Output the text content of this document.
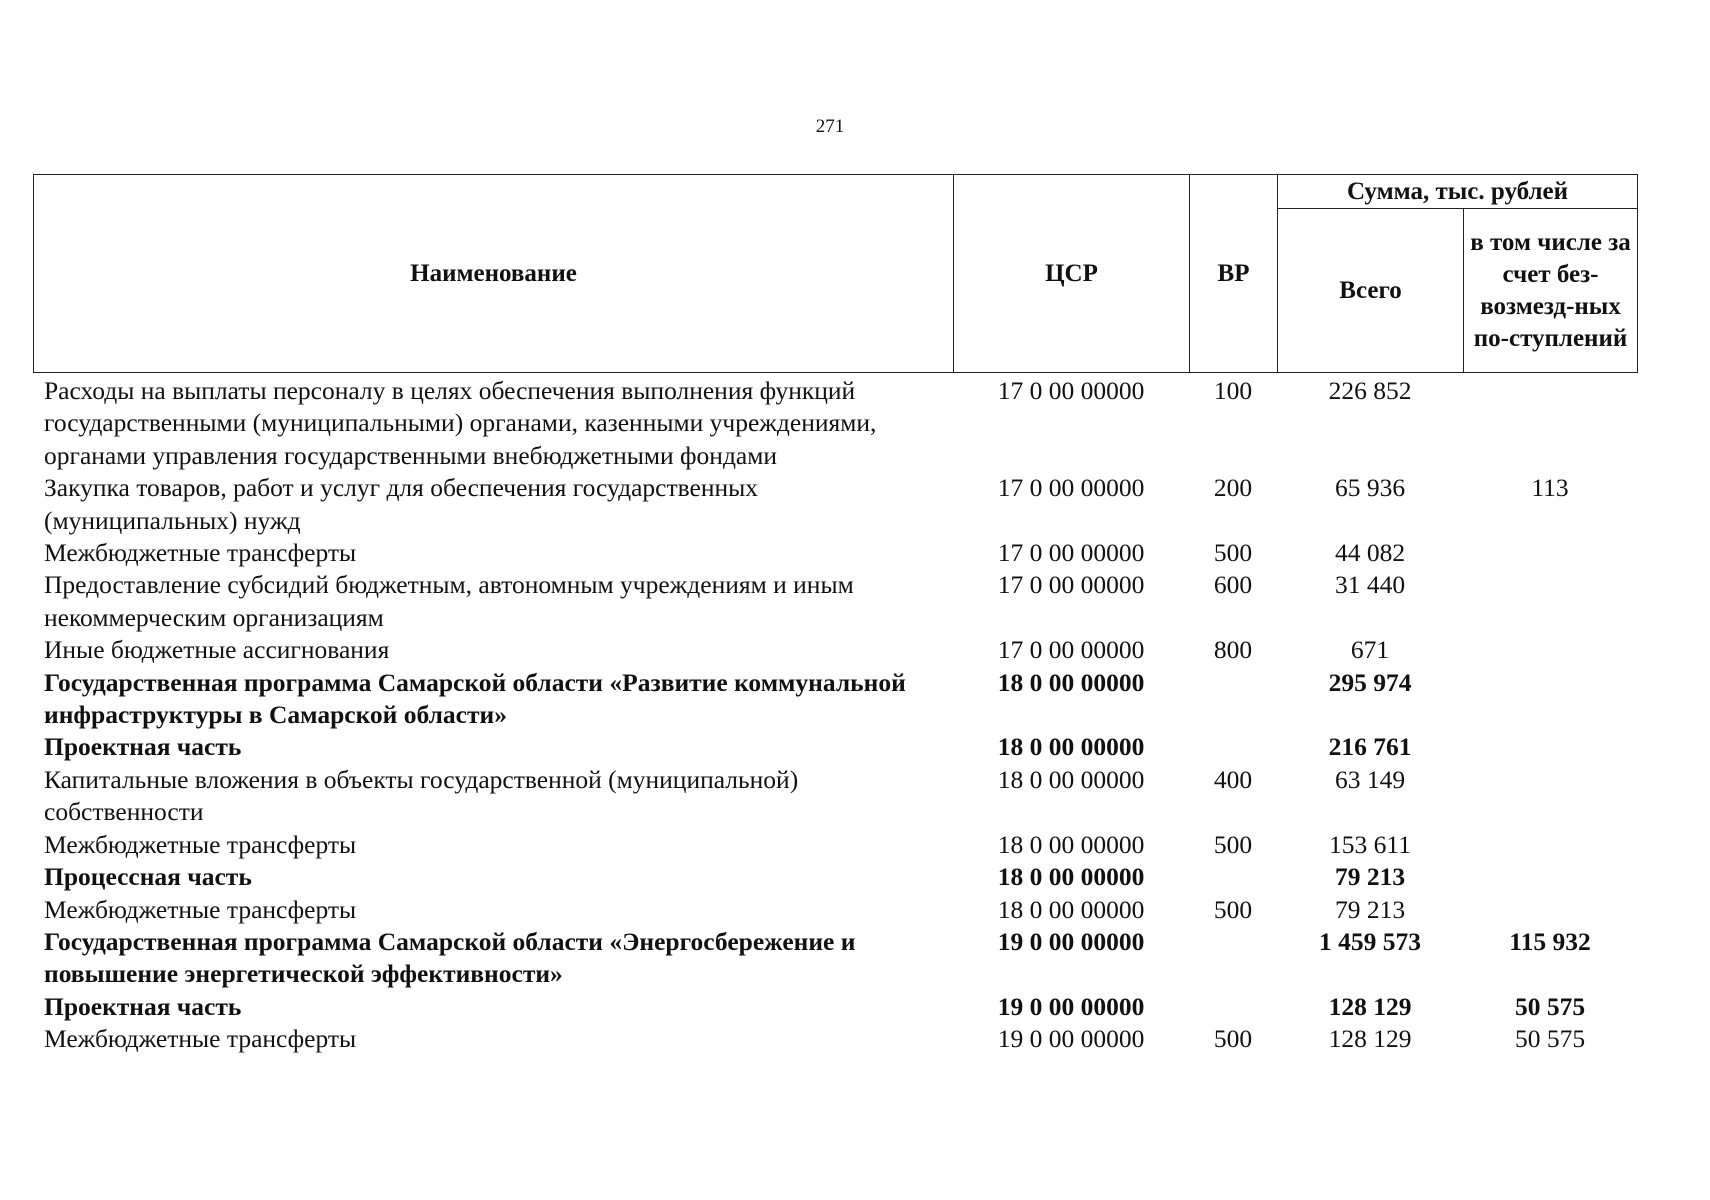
271
Наименование	ЦСР	ВР	Сумма, тыс. рублей	
			Всего	в том числе за счет без-возмезд-ных по-ступлений
Расходы на выплаты персоналу в целях обеспечения выполнения функций государственными (муниципальными) органами, казенными учреждениями, органами управления государственными внебюджетными фондами	17 0 00 00000	100	226 852	
Закупка товаров, работ и услуг для обеспечения государственных (муниципальных) нужд	17 0 00 00000	200	65 936	113
Межбюджетные трансферты	17 0 00 00000	500	44 082	
Предоставление субсидий бюджетным, автономным учреждениям и иным некоммерческим организациям	17 0 00 00000	600	31 440	
Иные бюджетные ассигнования	17 0 00 00000	800	671	
Государственная программа Самарской области «Развитие коммунальной инфраструктуры в Самарской области»	18 0 00 00000		295 974	
Проектная часть	18 0 00 00000		216 761	
Капитальные вложения в объекты государственной (муниципальной) собственности	18 0 00 00000	400	63 149	
Межбюджетные трансферты	18 0 00 00000	500	153 611	
Процессная часть	18 0 00 00000		79 213	
Межбюджетные трансферты	18 0 00 00000	500	79 213	
Государственная программа Самарской области «Энергосбережение и повышение энергетической эффективности»	19 0 00 00000		1 459 573	115 932
Проектная часть	19 0 00 00000		128 129	50 575
Межбюджетные трансферты	19 0 00 00000	500	128 129	50 575
